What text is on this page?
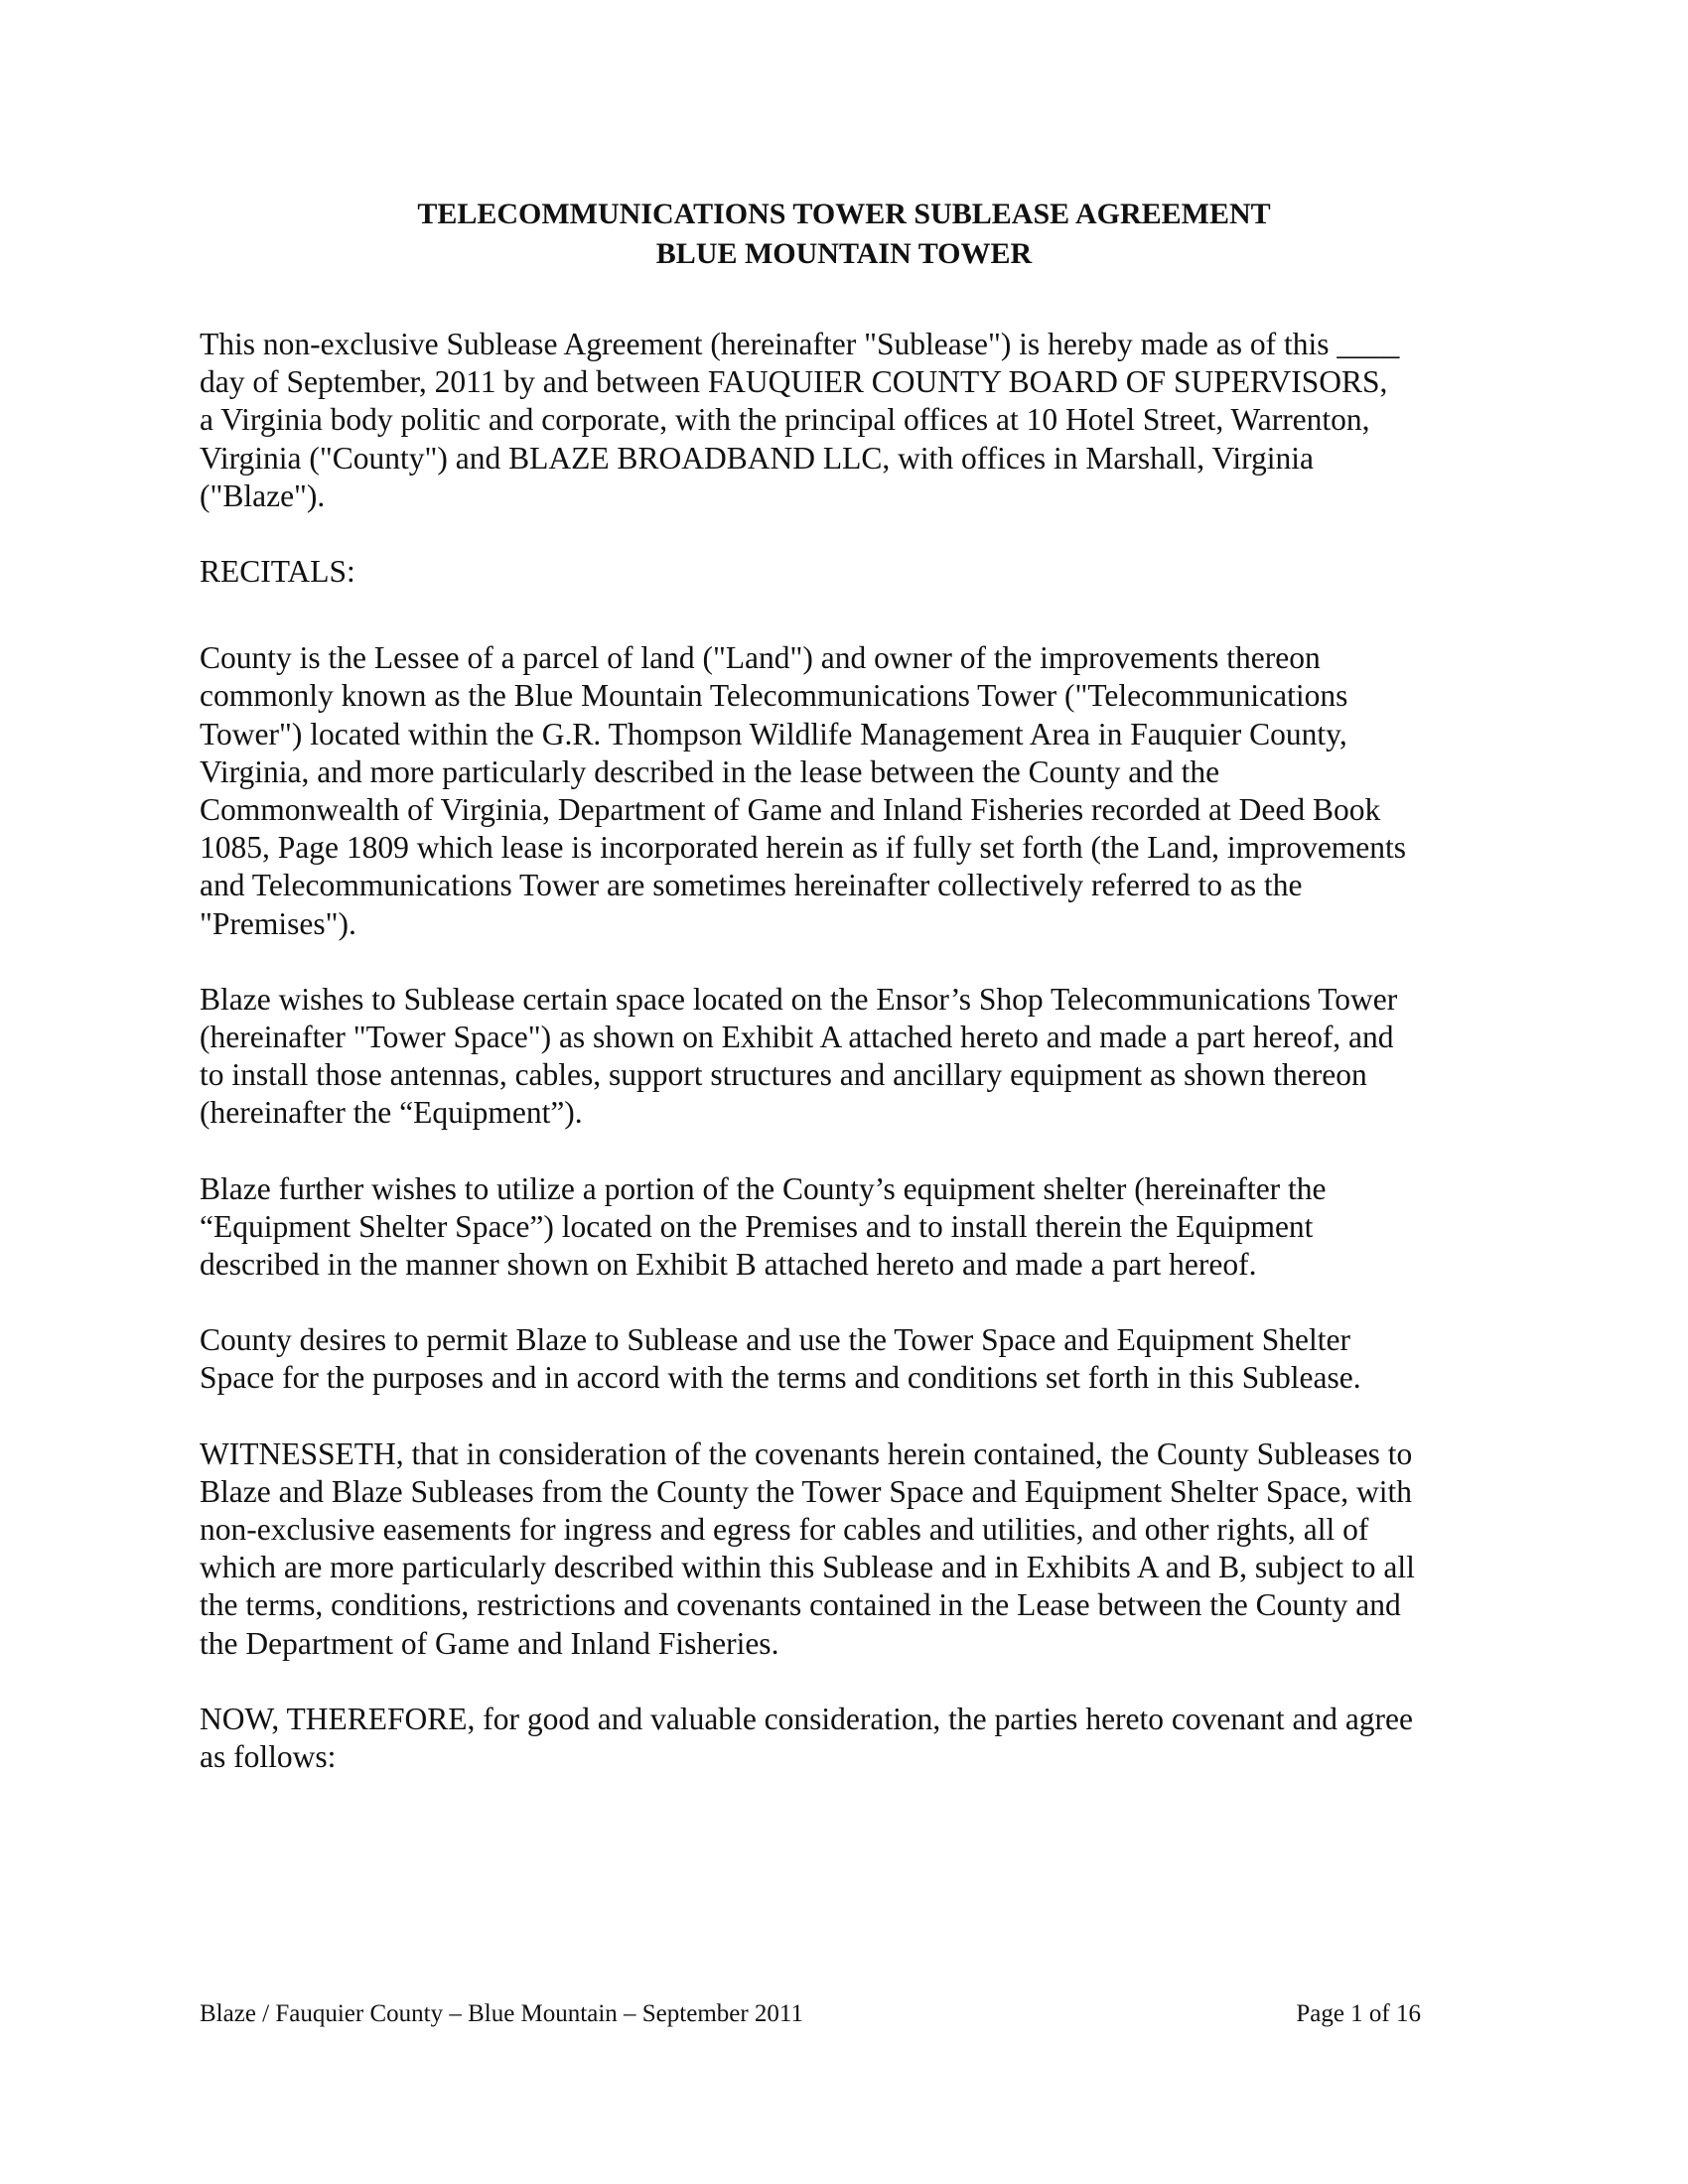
TELECOMMUNICATIONS TOWER SUBLEASE AGREEMENT
BLUE MOUNTAIN TOWER

This non-exclusive Sublease Agreement (hereinafter "Sublease") is hereby made as of this ____
day of September, 2011 by and between FAUQUIER COUNTY BOARD OF SUPERVISORS,
a Virginia body politic and corporate, with the principal offices at 10 Hotel Street, Warrenton,
Virginia ("County") and BLAZE BROADBAND LLC, with offices in Marshall, Virginia
("Blaze").

RECITALS:

County is the Lessee of a parcel of land ("Land") and owner of the improvements thereon
commonly known as the Blue Mountain Telecommunications Tower ("Telecommunications
Tower") located within the G.R. Thompson Wildlife Management Area in Fauquier County,
Virginia, and more particularly described in the lease between the County and the
Commonwealth of Virginia, Department of Game and Inland Fisheries recorded at Deed Book
1085, Page 1809 which lease is incorporated herein as if fully set forth (the Land, improvements
and Telecommunications Tower are sometimes hereinafter collectively referred to as the
"Premises").

Blaze wishes to Sublease certain space located on the Ensor’s Shop Telecommunications Tower
(hereinafter "Tower Space") as shown on Exhibit A attached hereto and made a part hereof, and
to install those antennas, cables, support structures and ancillary equipment as shown thereon
(hereinafter the “Equipment”).

Blaze further wishes to utilize a portion of the County’s equipment shelter (hereinafter the
“Equipment Shelter Space”) located on the Premises and to install therein the Equipment
described in the manner shown on Exhibit B attached hereto and made a part hereof.

County desires to permit Blaze to Sublease and use the Tower Space and Equipment Shelter
Space for the purposes and in accord with the terms and conditions set forth in this Sublease.

WITNESSETH, that in consideration of the covenants herein contained, the County Subleases to
Blaze and Blaze Subleases from the County the Tower Space and Equipment Shelter Space, with
non-exclusive easements for ingress and egress for cables and utilities, and other rights, all of
which are more particularly described within this Sublease and in Exhibits A and B, subject to all
the terms, conditions, restrictions and covenants contained in the Lease between the County and
the Department of Game and Inland Fisheries.

NOW, THEREFORE, for good and valuable consideration, the parties hereto covenant and agree
as follows:

Blaze / Fauquier County – Blue Mountain – September 2011	Page 1 of 16
